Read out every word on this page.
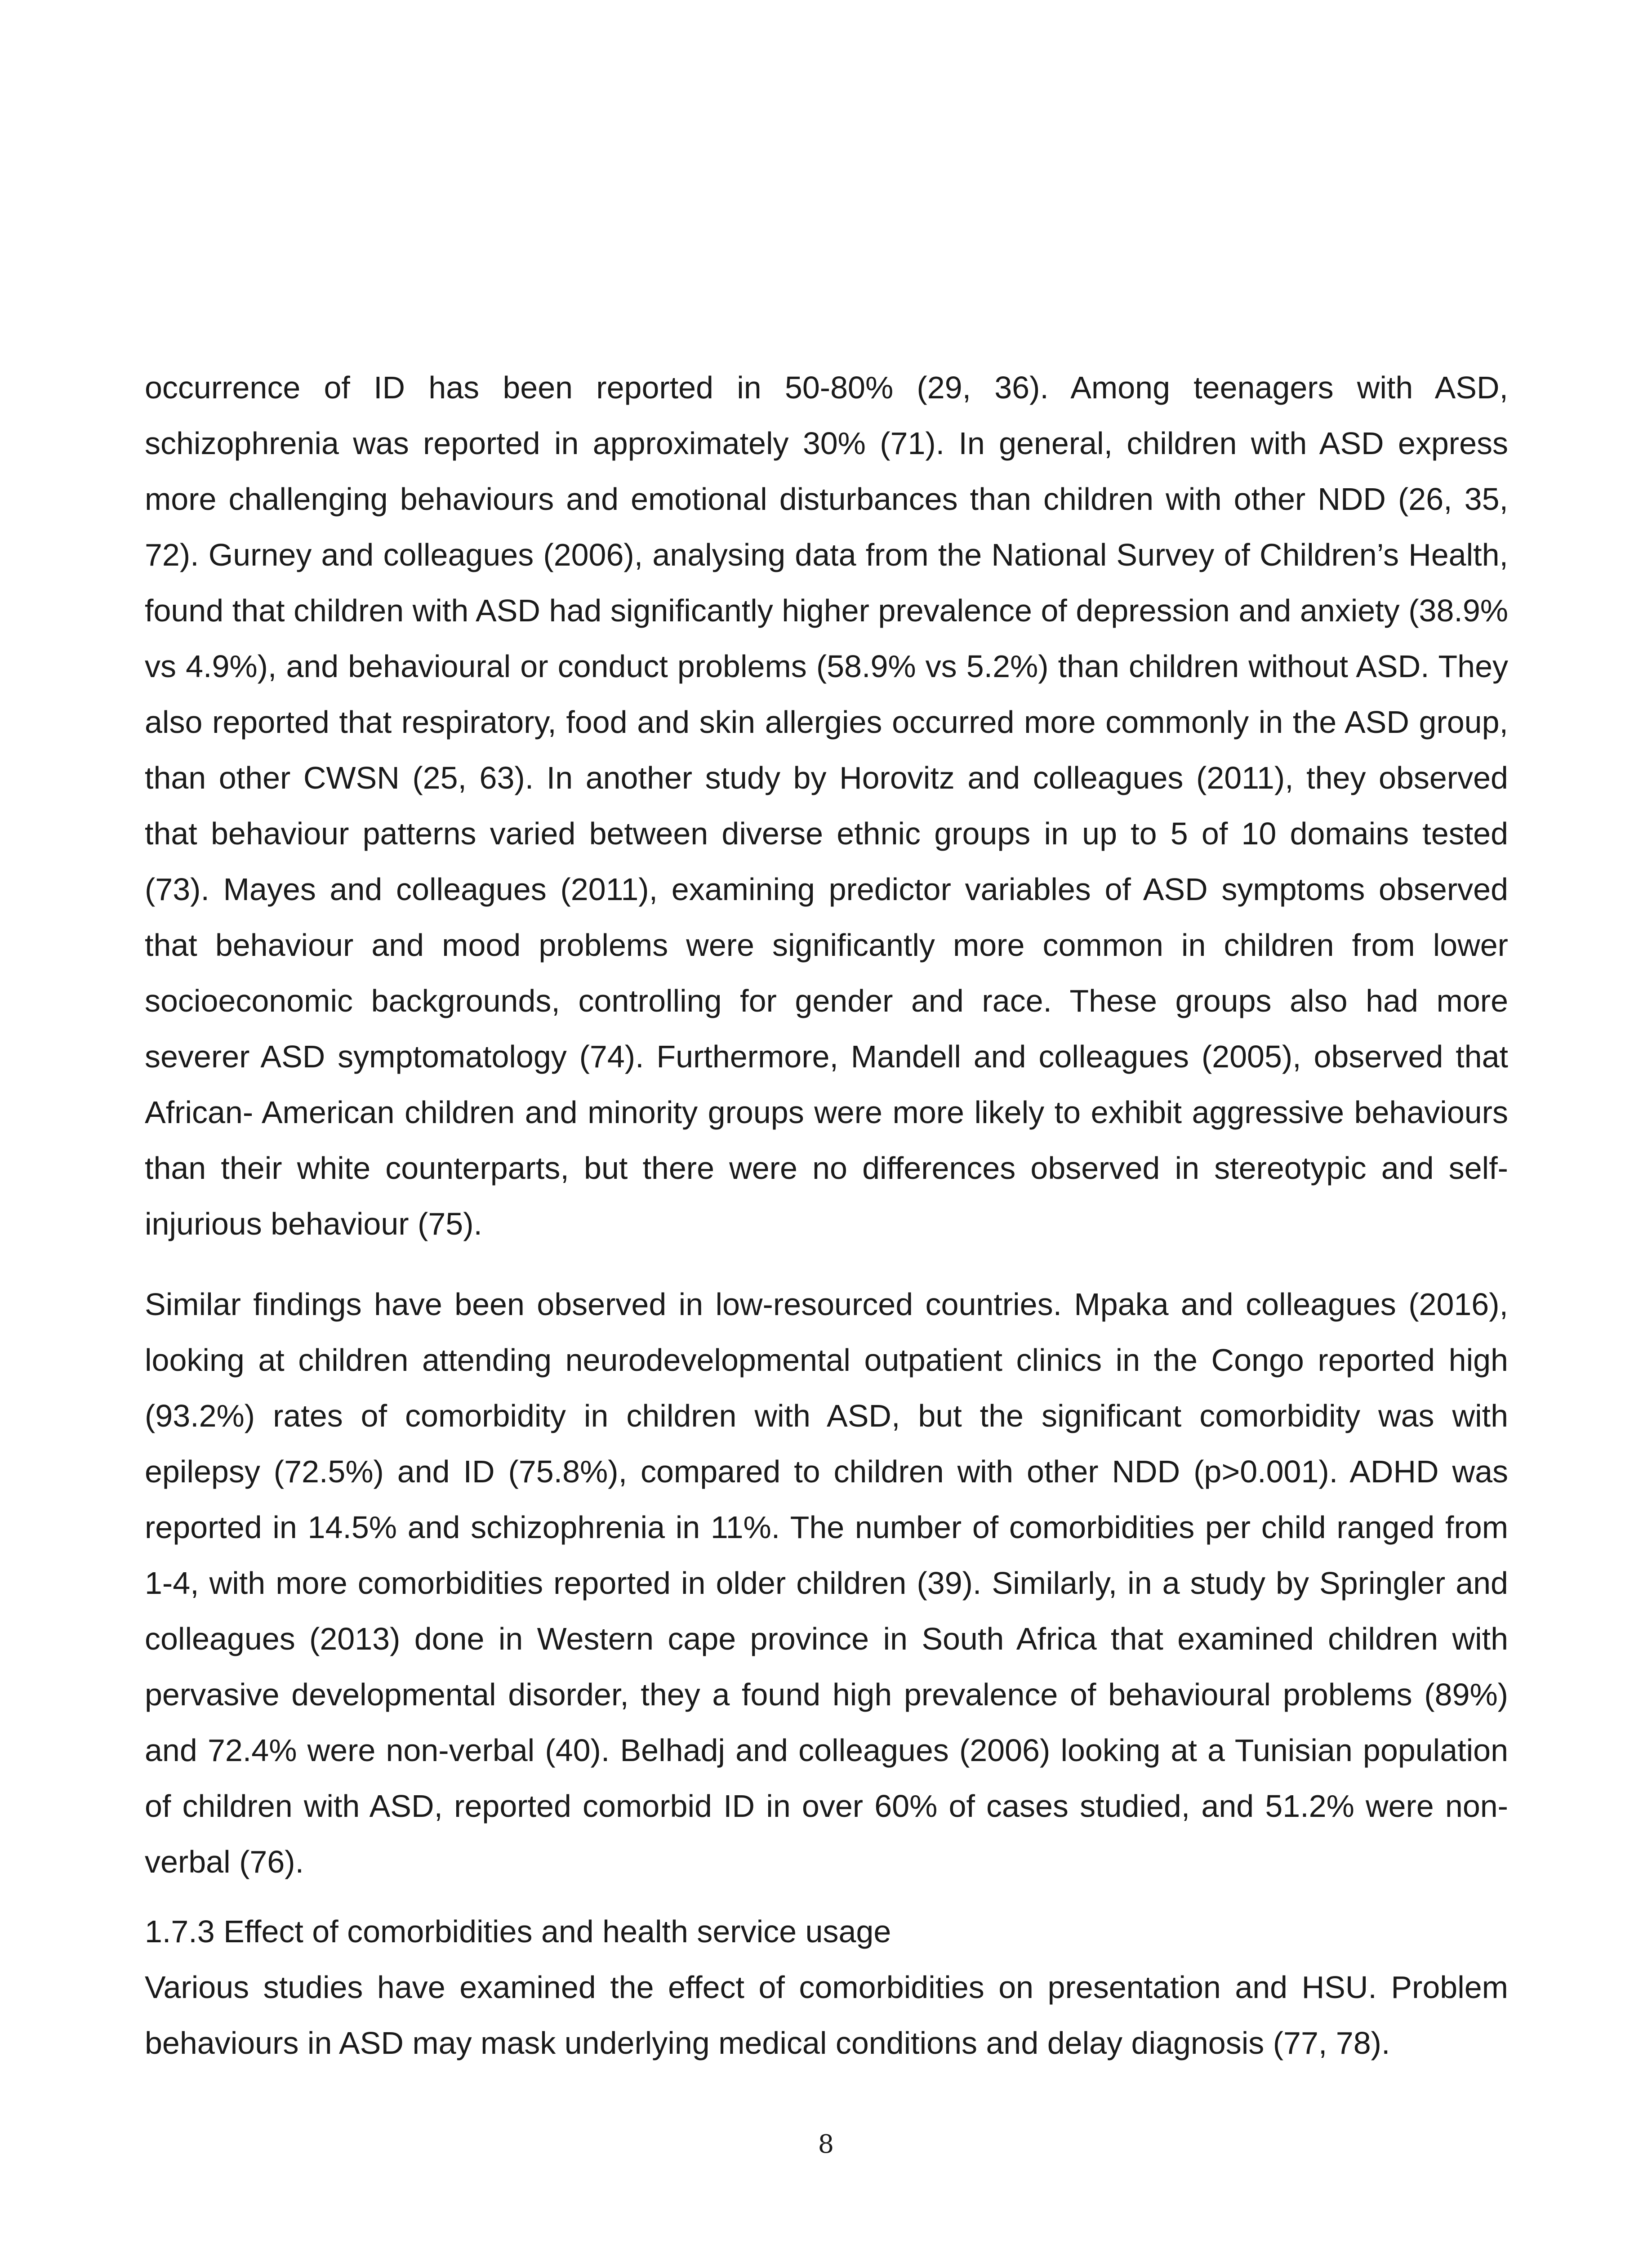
occurrence of ID has been reported in 50-80% (29, 36). Among teenagers with ASD, schizophrenia was reported in approximately 30% (71). In general, children with ASD express more challenging behaviours and emotional disturbances than children with other NDD (26, 35, 72). Gurney and colleagues (2006), analysing data from the National Survey of Children’s Health, found that children with ASD had significantly higher prevalence of depression and anxiety (38.9% vs 4.9%), and behavioural or conduct problems (58.9% vs 5.2%) than children without ASD. They also reported that respiratory, food and skin allergies occurred more commonly in the ASD group, than other CWSN (25, 63). In another study by Horovitz and colleagues (2011), they observed that behaviour patterns varied between diverse ethnic groups in up to 5 of 10 domains tested (73). Mayes and colleagues (2011), examining predictor variables of ASD symptoms observed that behaviour and mood problems were significantly more common in children from lower socioeconomic backgrounds, controlling for gender and race. These groups also had more severer ASD symptomatology (74). Furthermore, Mandell and colleagues (2005), observed that African- American children and minority groups were more likely to exhibit aggressive behaviours than their white counterparts, but there were no differences observed in stereotypic and self-injurious behaviour (75).

Similar findings have been observed in low-resourced countries. Mpaka and colleagues (2016), looking at children attending neurodevelopmental outpatient clinics in the Congo reported high (93.2%) rates of comorbidity in children with ASD, but the significant comorbidity was with epilepsy (72.5%) and ID (75.8%), compared to children with other NDD (p>0.001). ADHD was reported in 14.5% and schizophrenia in 11%. The number of comorbidities per child ranged from 1-4, with more comorbidities reported in older children (39). Similarly, in a study by Springler and colleagues (2013) done in Western cape province in South Africa that examined children with pervasive developmental disorder, they a found high prevalence of behavioural problems (89%) and 72.4% were non-verbal (40). Belhadj and colleagues (2006) looking at a Tunisian population of children with ASD, reported comorbid ID in over 60% of cases studied, and 51.2% were non-verbal (76).

1.7.3 Effect of comorbidities and health service usage

Various studies have examined the effect of comorbidities on presentation and HSU. Problem behaviours in ASD may mask underlying medical conditions and delay diagnosis (77, 78).

8
